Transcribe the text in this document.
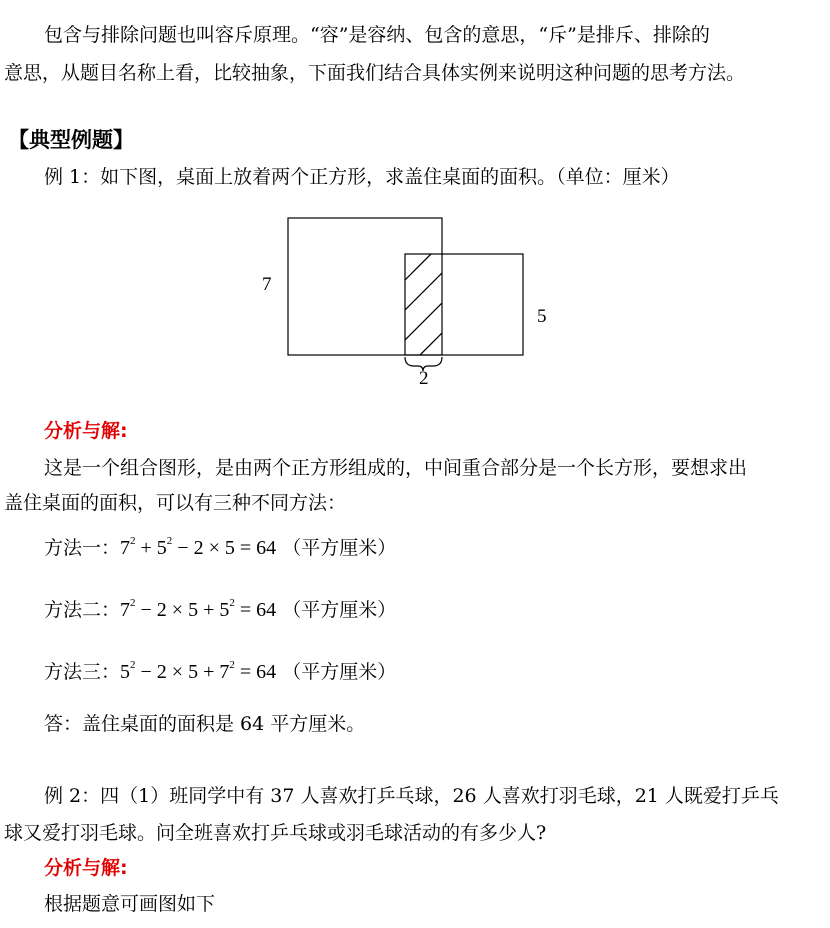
包含与排除问题也叫容斥原理。“容”是容纳、包含的意思，“斥”是排斥、排除的
意思，从题目名称上看，比较抽象，下面我们结合具体实例来说明这种问题的思考方法。
【典型例题】
例 1：如下图，桌面上放着两个正方形，求盖住桌面的面积。（单位：厘米）
7
5
2
分析与解:
这是一个组合图形，是由两个正方形组成的，中间重合部分是一个长方形，要想求出
盖住桌面的面积，可以有三种不同方法：
方法一：$7^2 + 5^2 - 2 \times 5 = 64$ （平方厘米）
方法二：$7^2 - 2 \times 5 + 5^2 = 64$ （平方厘米）
方法三：$5^2 - 2 \times 5 + 7^2 = 64$ （平方厘米）
答：盖住桌面的面积是 64 平方厘米。
例 2：四（1）班同学中有 37 人喜欢打乒乓球，26 人喜欢打羽毛球，21 人既爱打乒乓
球又爱打羽毛球。问全班喜欢打乒乓球或羽毛球活动的有多少人?
分析与解:
根据题意可画图如下
